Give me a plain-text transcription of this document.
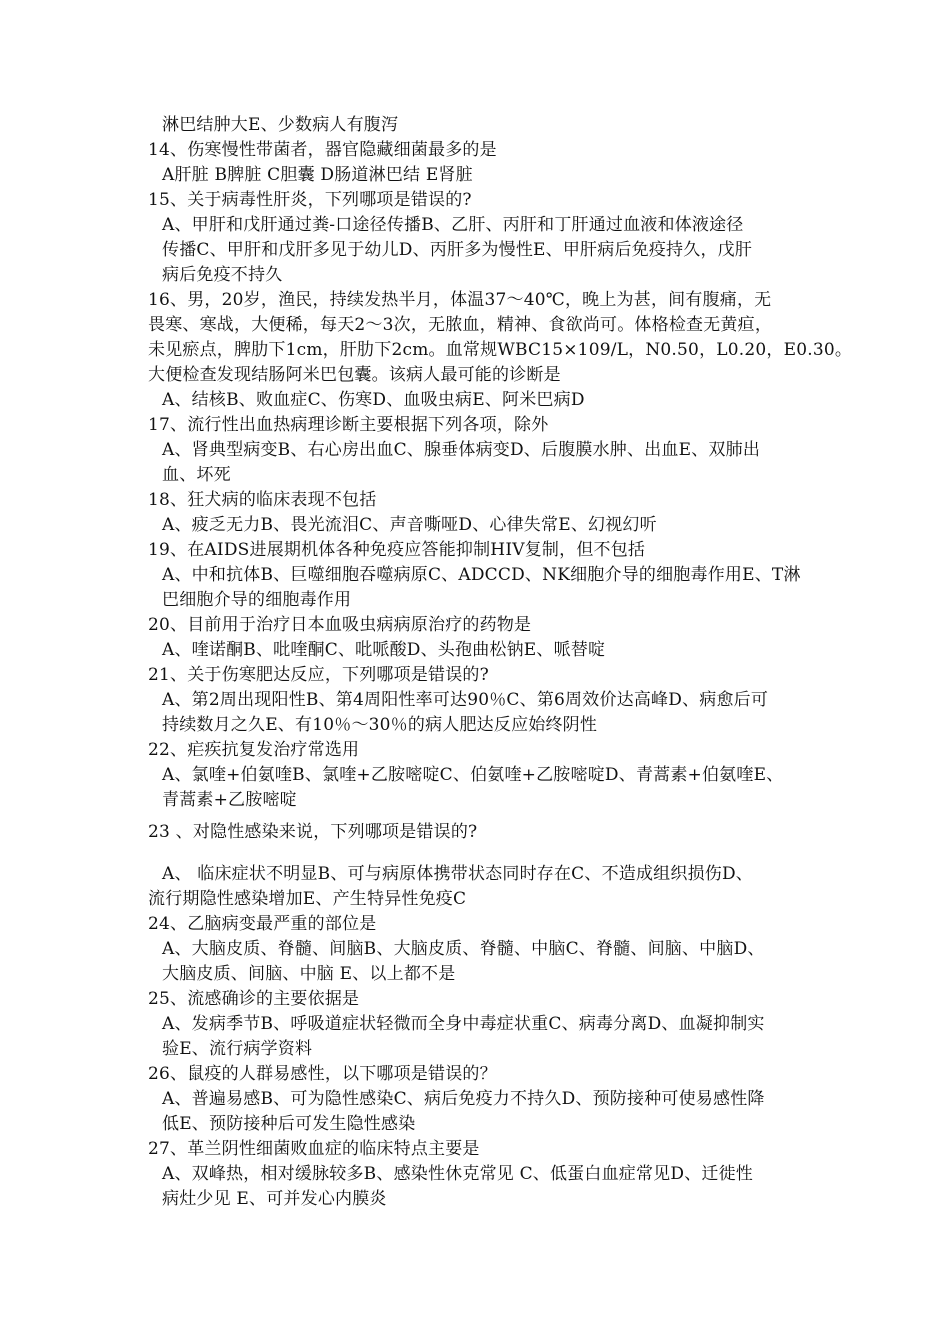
淋巴结肿大E、少数病人有腹泻
14、伤寒慢性带菌者，器官隐藏细菌最多的是
A肝脏 B脾脏 C胆囊 D肠道淋巴结 E肾脏
15、关于病毒性肝炎，下列哪项是错误的?
A、甲肝和戊肝通过粪-口途径传播B、乙肝、丙肝和丁肝通过血液和体液途径
传播C、甲肝和戊肝多见于幼儿D、丙肝多为慢性E、甲肝病后免疫持久，戊肝
病后免疫不持久
16、男，20岁，渔民，持续发热半月，体温37～40℃，晚上为甚，间有腹痛，无
畏寒、寒战，大便稀，每天2～3次，无脓血，精神、食欲尚可。体格检查无黄疸，
未见瘀点，脾肋下1cm，肝肋下2cm。血常规WBC15×109/L，N0.50，L0.20，E0.30。
大便检查发现结肠阿米巴包囊。该病人最可能的诊断是
A、结核B、败血症C、伤寒D、血吸虫病E、阿米巴病D
17、流行性出血热病理诊断主要根据下列各项，除外
A、肾典型病变B、右心房出血C、腺垂体病变D、后腹膜水肿、出血E、双肺出
血、坏死
18、狂犬病的临床表现不包括
A、疲乏无力B、畏光流泪C、声音嘶哑D、心律失常E、幻视幻听
19、在AIDS进展期机体各种免疫应答能抑制HIV复制，但不包括
A、中和抗体B、巨噬细胞吞噬病原C、ADCCD、NK细胞介导的细胞毒作用E、T淋
巴细胞介导的细胞毒作用
20、目前用于治疗日本血吸虫病病原治疗的药物是
A、喹诺酮B、吡喹酮C、吡哌酸D、头孢曲松钠E、哌替啶
21、关于伤寒肥达反应，下列哪项是错误的?
A、第2周出现阳性B、第4周阳性率可达90％C、第6周效价达高峰D、病愈后可
持续数月之久E、有10％～30％的病人肥达反应始终阴性
22、疟疾抗复发治疗常选用
A、氯喹+伯氨喹B、氯喹+乙胺嘧啶C、伯氨喹+乙胺嘧啶D、青蒿素+伯氨喹E、
青蒿素+乙胺嘧啶
23 、对隐性感染来说，下列哪项是错误的?
A、 临床症状不明显B、可与病原体携带状态同时存在C、不造成组织损伤D、
流行期隐性感染增加E、产生特异性免疫C
24、乙脑病变最严重的部位是
A、大脑皮质、脊髓、间脑B、大脑皮质、脊髓、中脑C、脊髓、间脑、中脑D、
大脑皮质、间脑、中脑 E、以上都不是
25、流感确诊的主要依据是
A、发病季节B、呼吸道症状轻微而全身中毒症状重C、病毒分离D、血凝抑制实
验E、流行病学资料
26、鼠疫的人群易感性，以下哪项是错误的？
A、普遍易感B、可为隐性感染C、病后免疫力不持久D、预防接种可使易感性降
低E、预防接种后可发生隐性感染
27、革兰阴性细菌败血症的临床特点主要是
A、双峰热，相对缓脉较多B、感染性休克常见 C、低蛋白血症常见D、迁徙性
病灶少见 E、可并发心内膜炎
